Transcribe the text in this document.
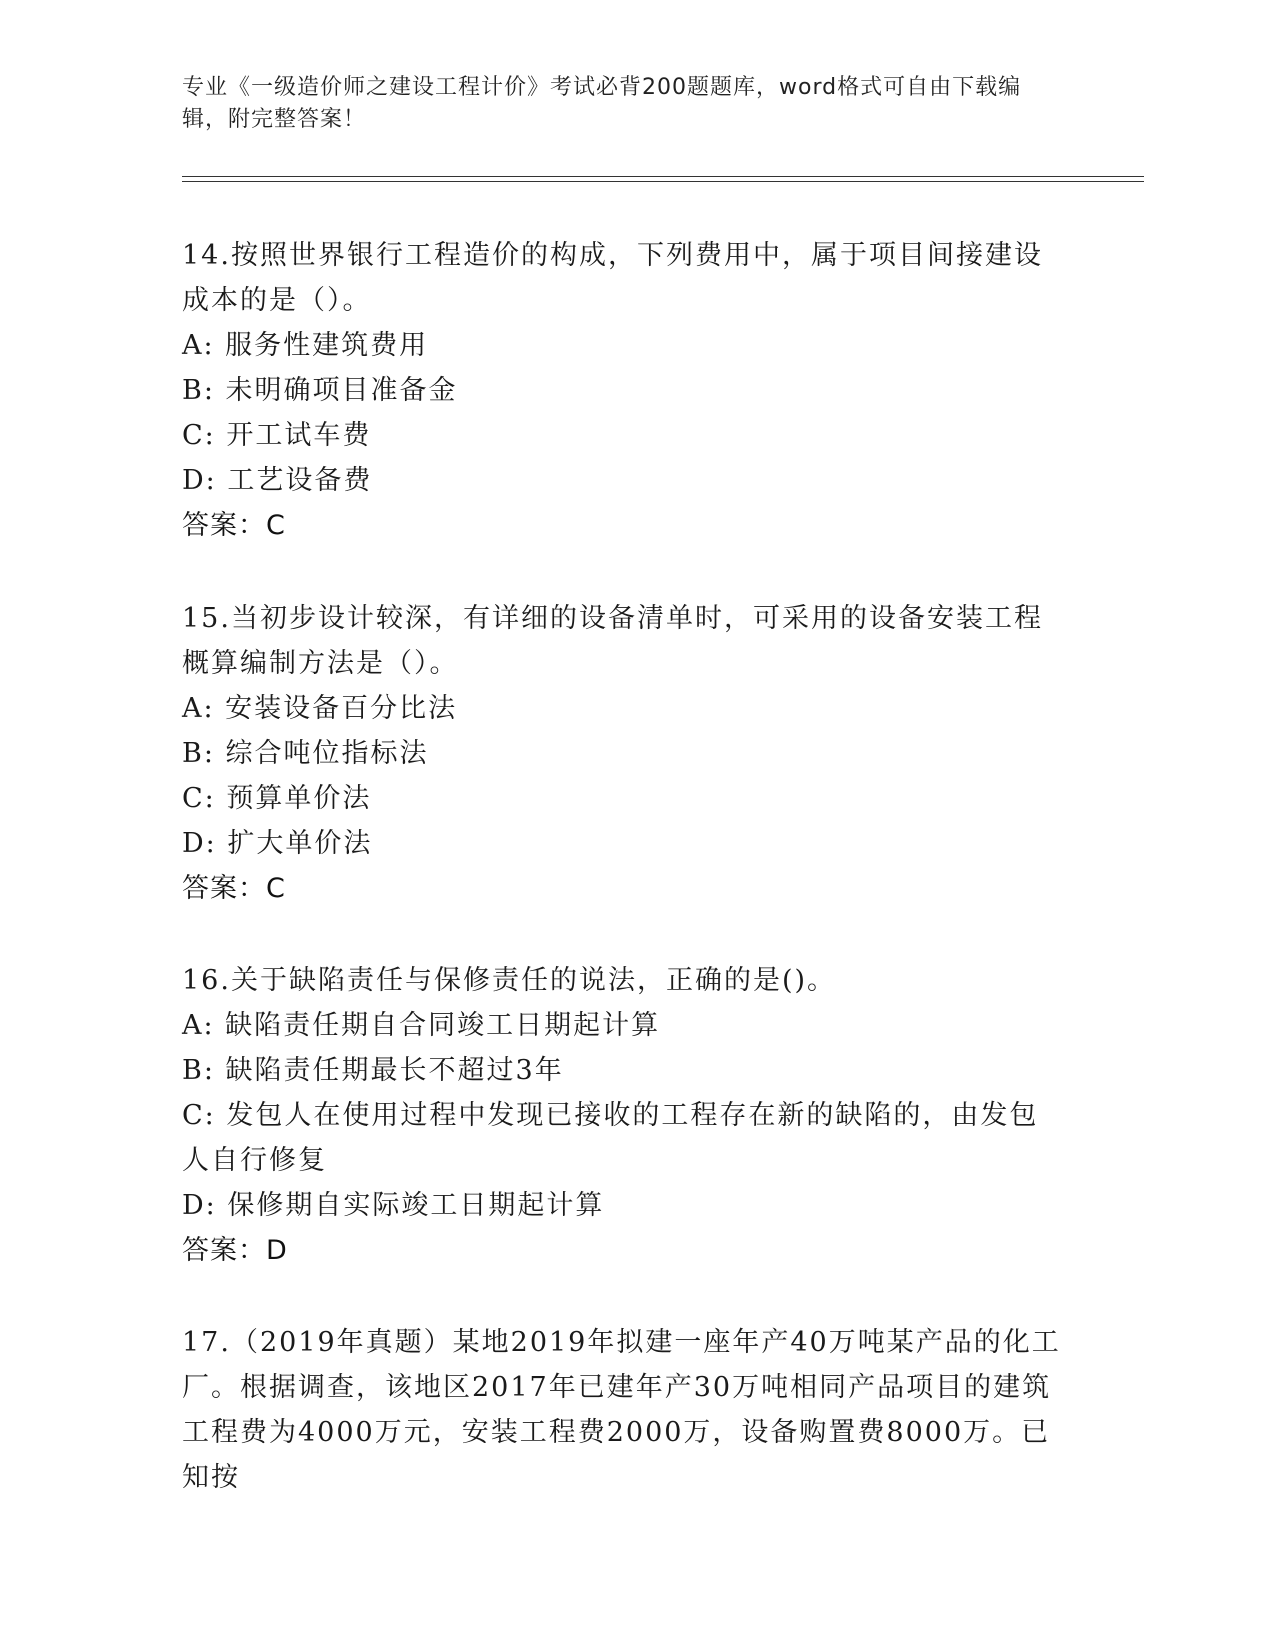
专业《一级造价师之建设工程计价》考试必背200题题库，word格式可自由下载编辑，附完整答案！

14.按照世界银行工程造价的构成，下列费用中，属于项目间接建设成本的是（）。

A: 服务性建筑费用

B: 未明确项目准备金

C: 开工试车费

D: 工艺设备费

答案：C

15.当初步设计较深，有详细的设备清单时，可采用的设备安装工程概算编制方法是（）。

A: 安装设备百分比法

B: 综合吨位指标法

C: 预算单价法

D: 扩大单价法

答案：C

16.关于缺陷责任与保修责任的说法，正确的是()。

A: 缺陷责任期自合同竣工日期起计算

B: 缺陷责任期最长不超过3年

C: 发包人在使用过程中发现已接收的工程存在新的缺陷的，由发包人自行修复

D: 保修期自实际竣工日期起计算

答案：D

17.（2019年真题）某地2019年拟建一座年产40万吨某产品的化工厂。根据调查，该地区2017年已建年产30万吨相同产品项目的建筑工程费为4000万元，安装工程费2000万，设备购置费8000万。已知按
